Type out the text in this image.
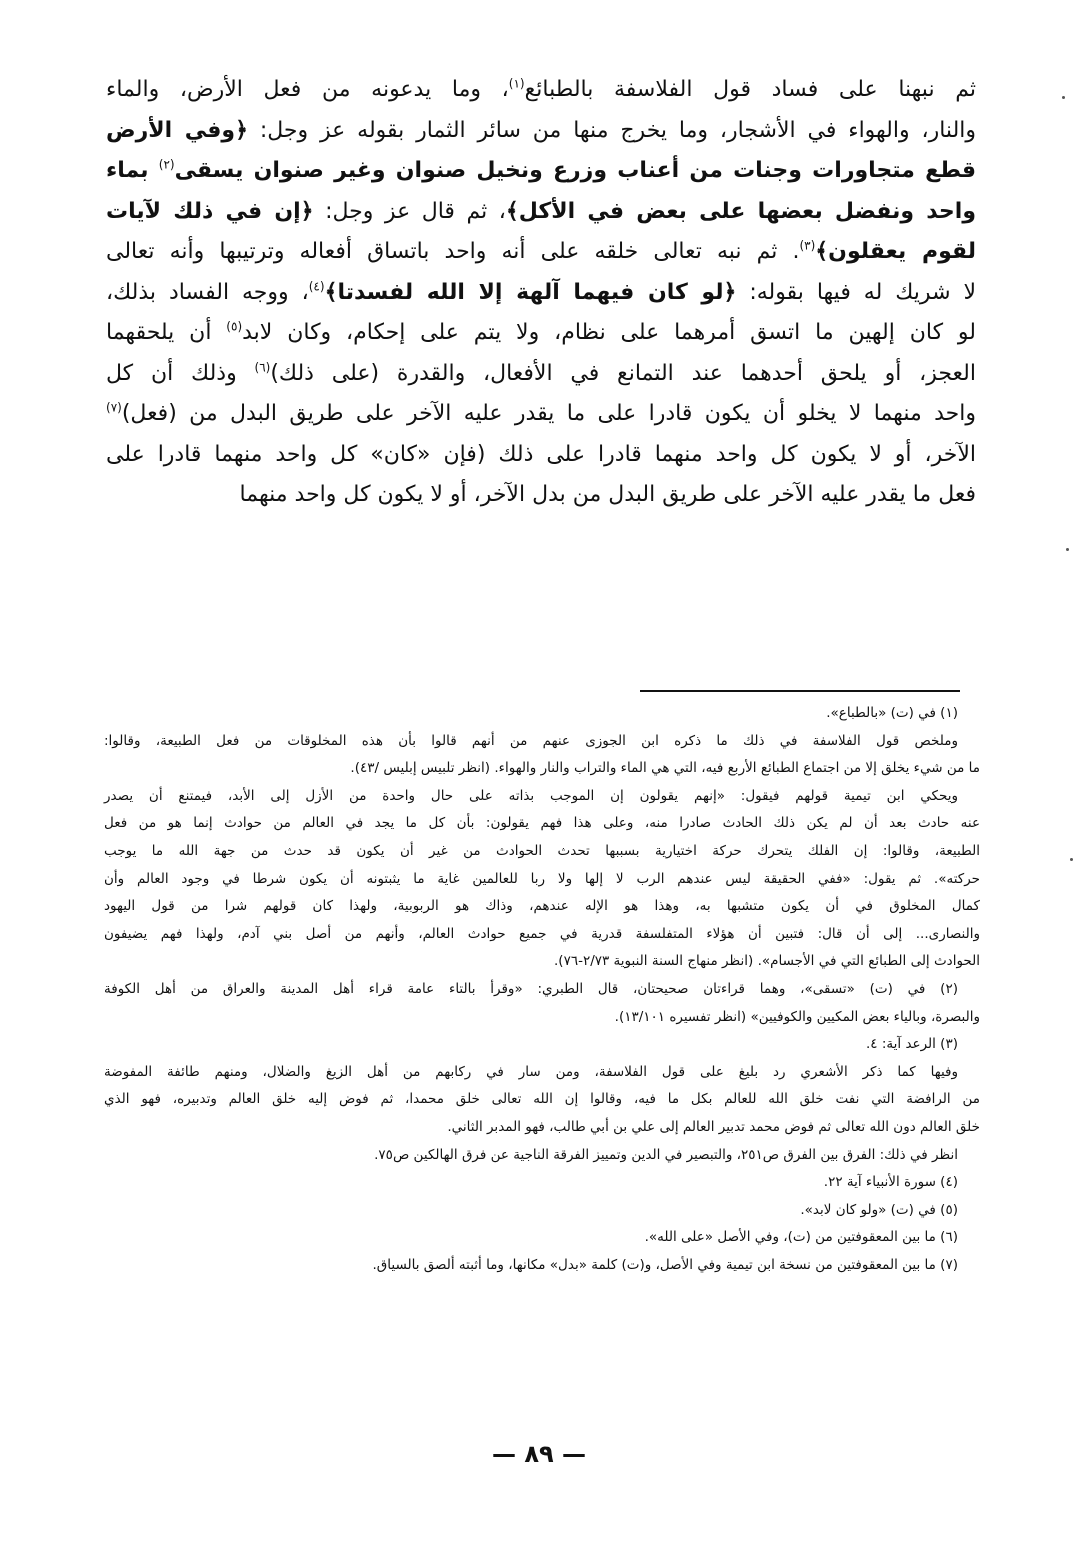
ثم نبهنا على فساد قول الفلاسفة بالطبائع$^{(١)}$، وما يدعونه من فعل الأرض، والماء
والنار، والهواء في الأشجار، وما يخرج منها من سائر الثمار بقوله عز وجل: ﴿وفي الأرض
قطع متجاورات وجنات من أعناب وزرع ونخيل صنوان وغير صنوان يسقى$^{(٢)}$ بماء
واحد ونفضل بعضها على بعض في الأكل﴾، ثم قال عز وجل: ﴿إن في ذلك لآيات
لقوم يعقلون﴾$^{(٣)}$. ثم نبه تعالى خلقه على أنه واحد باتساق أفعاله وترتيبها وأنه تعالى
لا شريك له فيها بقوله: ﴿لو كان فيهما آلهة إلا الله لفسدتا﴾$^{(٤)}$، ووجه الفساد بذلك،
لو كان إلهين ما اتسق أمرهما على نظام، ولا يتم على إحكام، وكان لابد$^{(٥)}$ أن يلحقهما
العجز، أو يلحق أحدهما عند التمانع في الأفعال، والقدرة (على ذلك)$^{(٦)}$ وذلك أن كل
واحد منهما لا يخلو أن يكون قادرا على ما يقدر عليه الآخر على طريق البدل من (فعل)$^{(٧)}$
الآخر، أو لا يكون كل واحد منهما قادرا على ذلك (فإن «كان» كل واحد منهما قادرا على
فعل ما يقدر عليه الآخر على طريق البدل من بدل الآخر، أو لا يكون كل واحد منهما
(١) في (ت) «بالطباع».
وملخص قول الفلاسفة في ذلك ما ذكره ابن الجوزى عنهم من أنهم قالوا بأن هذه المخلوقات من فعل الطبيعة، وقالوا:
ما من شيء يخلق إلا من اجتماع الطبائع الأربع فيه، التي هي الماء والتراب والنار والهواء. (انظر تلبيس إبليس /٤٣).
ويحكي ابن تيمية قولهم فيقول: «إنهم يقولون إن الموجب بذاته على حال واحدة من الأزل إلى الأبد، فيمتنع أن يصدر
عنه حادث بعد أن لم يكن ذلك الحادث صادرا منه، وعلى هذا فهم يقولون: بأن كل ما يجد في العالم من حوادث إنما هو من فعل
الطبيعة، وقالوا: إن الفلك يتحرك حركة اختيارية بسببها تحدث الحوادث من غير أن يكون قد حدث من جهة الله ما يوجب
حركته». ثم يقول: «ففي الحقيقة ليس عندهم الرب لا إلها ولا ربا للعالمين غاية ما يثبتونه أن يكون شرطا في وجود العالم وأن
كمال المخلوق في أن يكون متشبها به، وهذا هو الإله عندهم، وذاك هو الربوبية، ولهذا كان قولهم شرا من قول اليهود
والنصارى... إلى أن قال: فتبين أن هؤلاء المتفلسفة قدرية في جميع حوادث العالم، وأنهم من أصل بني آدم، ولهذا فهم يضيفون
الحوادث إلى الطبائع التي في الأجسام». (انظر منهاج السنة النبوية ٢/٧٣-٧٦).
(٢) في (ت) «تسقى»، وهما قراءتان صحيحتان، قال الطبري: «وقرأ بالتاء عامة قراء أهل المدينة والعراق من أهل الكوفة
والبصرة، وبالياء بعض المكيين والكوفيين» (انظر تفسيره ١٣/١٠١).
(٣) الرعد آية: ٤.
وفيها كما ذكر الأشعري رد بليغ على قول الفلاسفة، ومن سار في ركابهم من أهل الزيغ والضلال، ومنهم طائفة المفوضة
من الرافضة التي نفت خلق الله للعالم بكل ما فيه، وقالوا إن الله تعالى خلق محمدا، ثم فوض إليه خلق العالم وتدبيره، فهو الذي
خلق العالم دون الله تعالى ثم فوض محمد تدبير العالم إلى علي بن أبي طالب، فهو المدبر الثاني.
انظر في ذلك: الفرق بين الفرق ص٢٥١، والتبصير في الدين وتمييز الفرقة الناجية عن فرق الهالكين ص٧٥.
(٤) سورة الأنبياء آية ٢٢.
(٥) في (ت) «ولو كان لابد».
(٦) ما بين المعقوفتين من (ت)، وفي الأصل «على الله».
(٧) ما بين المعقوفتين من نسخة ابن تيمية وفي الأصل، و(ت) كلمة «بدل» مكانها، وما أثبته ألصق بالسياق.
— ٨٩ —
